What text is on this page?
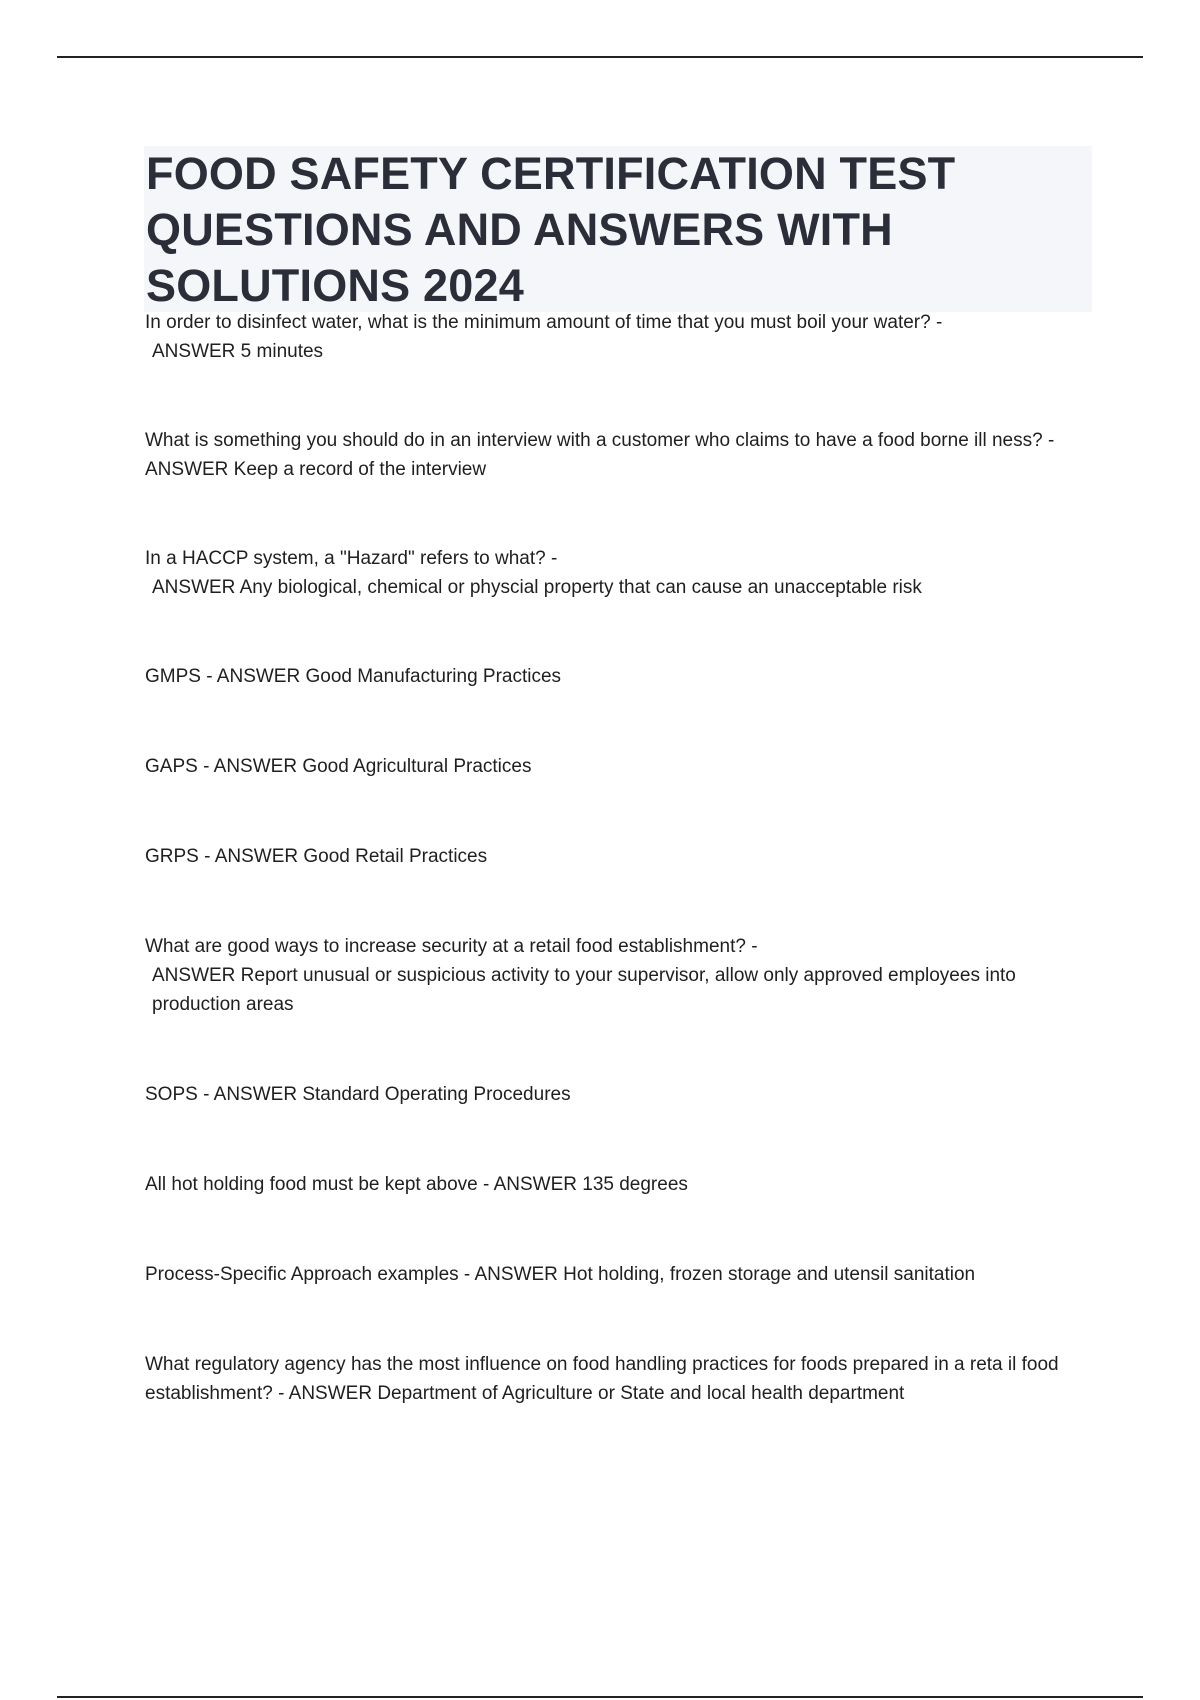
FOOD SAFETY CERTIFICATION TEST QUESTIONS AND ANSWERS WITH SOLUTIONS 2024

In order to disinfect water, what is the minimum amount of time that you must boil your water? -
ANSWER 5 minutes

What is something you should do in an interview with a customer who claims to have a food borne ill ness? - ANSWER Keep a record of the interview

In a HACCP system, a "Hazard" refers to what? -
ANSWER Any biological, chemical or physcial property that can cause an unacceptable risk

GMPS - ANSWER Good Manufacturing Practices

GAPS - ANSWER Good Agricultural Practices

GRPS - ANSWER Good Retail Practices

What are good ways to increase security at a retail food establishment? -
ANSWER Report unusual or suspicious activity to your supervisor, allow only approved employees into production areas

SOPS - ANSWER Standard Operating Procedures

All hot holding food must be kept above - ANSWER 135 degrees

Process-Specific Approach examples - ANSWER Hot holding, frozen storage and utensil sanitation

What regulatory agency has the most influence on food handling practices for foods prepared in a reta il food establishment? - ANSWER Department of Agriculture or State and local health department
